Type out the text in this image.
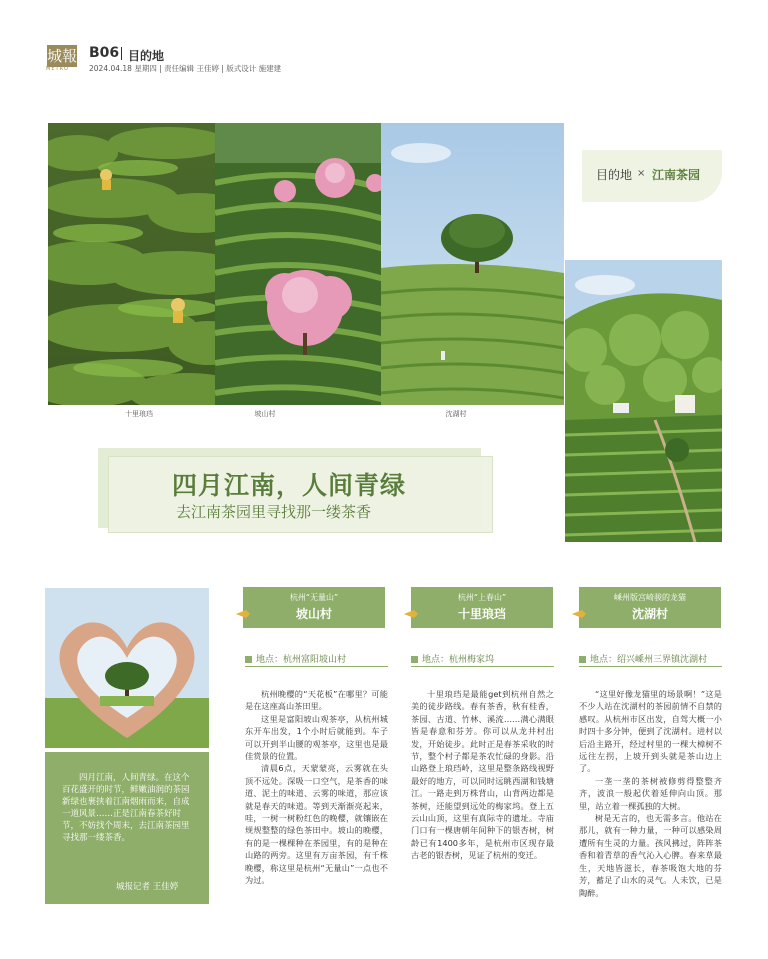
城報
METRO
B06 目的地
2024.04.18 星期四 | 责任编辑 王佳婷 | 版式设计 施建建
十里琅珰	坡山村	沈湖村
目的地 × 江南茶园
四月江南，人间青绿
去江南茶园里寻找那一缕茶香
四月江南，人间青绿。在这个百花盛开的时节，鲜嫩油润的茶园新绿也裹挟着江南烟雨而来，自成一道风景……正是江南春茶好时节，不妨找个周末，去江南茶园里寻找那一缕茶香。
城报记者 王佳婷
杭州“无量山”
坡山村
地点：杭州富阳坡山村

杭州晚樱的“天花板”在哪里？可能是在这座高山茶田里。

这里是富阳坡山观茶亭，从杭州城东开车出发，1个小时后就能到。车子可以开到半山腰的观茶亭，这里也是最佳赏景的位置。

清晨6点，天蒙蒙亮，云雾就在头顶不远处。深吸一口空气，是茶香的味道、泥土的味道、云雾的味道，那应该就是春天的味道。等到天渐渐亮起来，哇，一树一树粉红色的晚樱，就镶嵌在规规整整的绿色茶田中。坡山的晚樱，有的是一棵棵种在茶园里，有的是种在山路的两旁。这里有万亩茶园，有千株晚樱，称这里是杭州“无量山”一点也不为过。

杭州“上春山”
十里琅珰
地点：杭州梅家坞

十里琅珰是最能get到杭州自然之美的徒步路线。春有茶香，秋有桂香，茶园、古道、竹林、溪流……满心满眼皆是春意和芬芳。你可以从龙井村出发，开始徒步。此时正是春茶采收的时节，整个村子都是茶农忙碌的身影。沿山路登上琅珰岭，这里是整条路线视野最好的地方，可以同时远眺西湖和钱塘江。一路走到万株背山，山背两边都是茶树，还能望到远处的梅家坞。登上五云山山顶，这里有真际寺的遗址。寺庙门口有一棵唐朝年间种下的银杏树，树龄已有1400多年，是杭州市区现存最古老的银杏树，见证了杭州的变迁。

嵊州版宫崎骏的龙猫
沈湖村
地点：绍兴嵊州三界镇沈湖村

“这里好像龙猫里的场景啊！”这是不少人站在沈湖村的茶园前情不自禁的感叹。从杭州市区出发，自驾大概一小时四十多分钟，便到了沈湖村。进村以后沿主路开，经过村里的一棵大樟树不远往左拐，上坡开到头就是茶山边上了。

一垄一垄的茶树被修剪得整整齐齐，波浪一般起伏着延伸向山顶。那里，站立着一棵孤独的大树。

树是无言的，也无需多言。他站在那儿，就有一种力量，一种可以感染周遭所有生灵的力量。孩风拂过，阵阵茶香和着青草的香气沁入心脾。春来草最生，天地皆滋长，春茶吸饱大地的芬芳，蓄足了山水的灵气。人未饮，已是陶醉。
